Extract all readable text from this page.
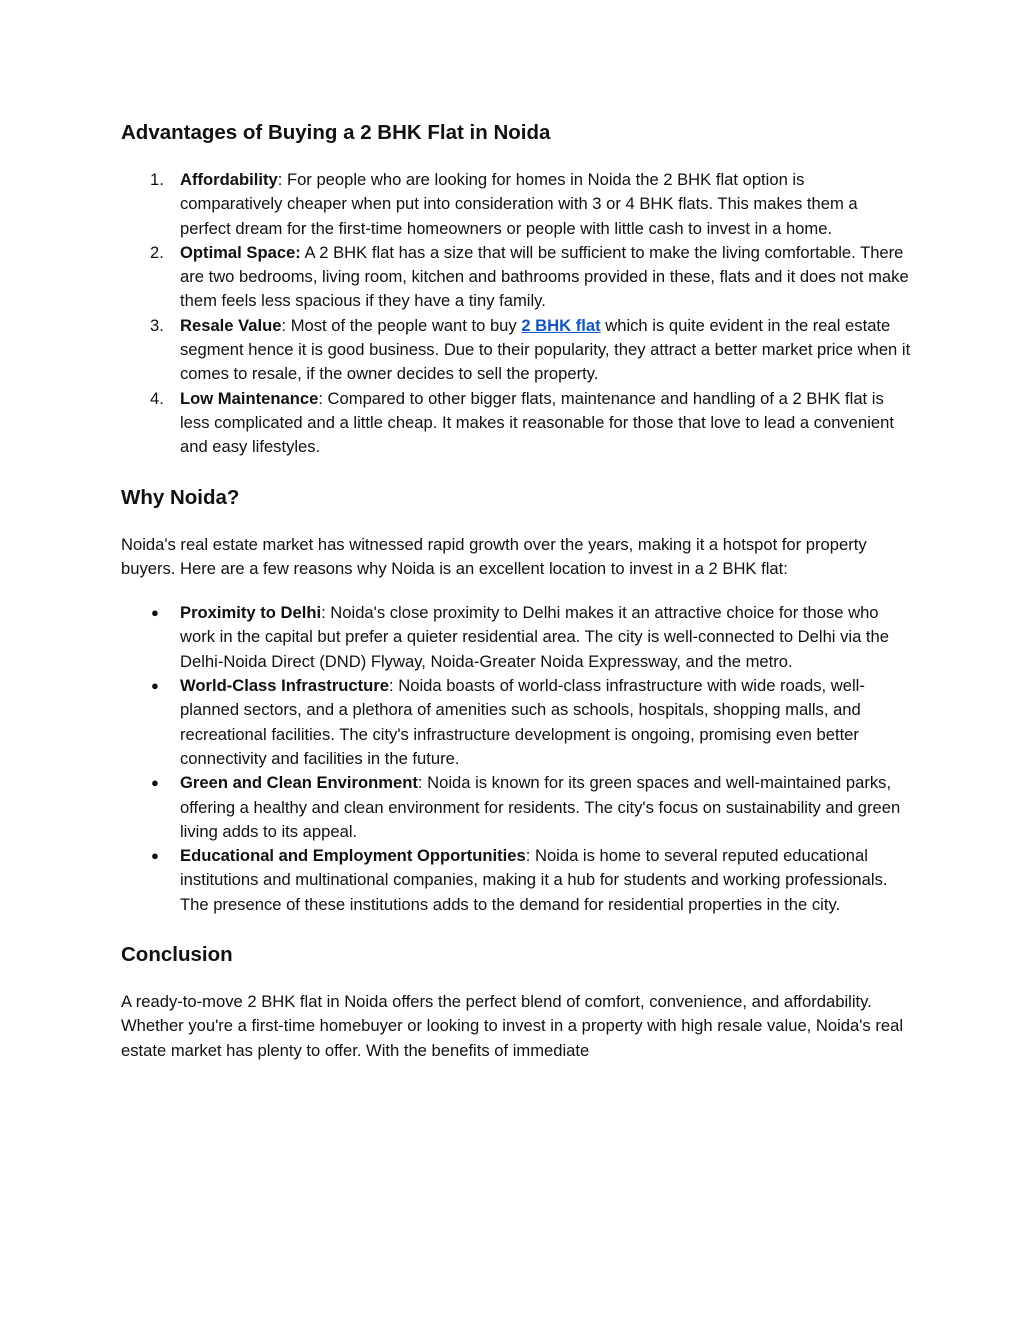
Advantages of Buying a 2 BHK Flat in Noida
1. Affordability: For people who are looking for homes in Noida the 2 BHK flat option is comparatively cheaper when put into consideration with 3 or 4 BHK flats. This makes them a perfect dream for the first-time homeowners or people with little cash to invest in a home.
2. Optimal Space: A 2 BHK flat has a size that will be sufficient to make the living comfortable. There are two bedrooms, living room, kitchen and bathrooms provided in these, flats and it does not make them feels less spacious if they have a tiny family.
3. Resale Value: Most of the people want to buy 2 BHK flat which is quite evident in the real estate segment hence it is good business. Due to their popularity, they attract a better market price when it comes to resale, if the owner decides to sell the property.
4. Low Maintenance: Compared to other bigger flats, maintenance and handling of a 2 BHK flat is less complicated and a little cheap. It makes it reasonable for those that love to lead a convenient and easy lifestyles.
Why Noida?
Noida's real estate market has witnessed rapid growth over the years, making it a hotspot for property buyers. Here are a few reasons why Noida is an excellent location to invest in a 2 BHK flat:
● Proximity to Delhi: Noida's close proximity to Delhi makes it an attractive choice for those who work in the capital but prefer a quieter residential area. The city is well-connected to Delhi via the Delhi-Noida Direct (DND) Flyway, Noida-Greater Noida Expressway, and the metro.
● World-Class Infrastructure: Noida boasts of world-class infrastructure with wide roads, well-planned sectors, and a plethora of amenities such as schools, hospitals, shopping malls, and recreational facilities. The city's infrastructure development is ongoing, promising even better connectivity and facilities in the future.
● Green and Clean Environment: Noida is known for its green spaces and well-maintained parks, offering a healthy and clean environment for residents. The city's focus on sustainability and green living adds to its appeal.
● Educational and Employment Opportunities: Noida is home to several reputed educational institutions and multinational companies, making it a hub for students and working professionals. The presence of these institutions adds to the demand for residential properties in the city.
Conclusion
A ready-to-move 2 BHK flat in Noida offers the perfect blend of comfort, convenience, and affordability. Whether you're a first-time homebuyer or looking to invest in a property with high resale value, Noida's real estate market has plenty to offer. With the benefits of immediate
